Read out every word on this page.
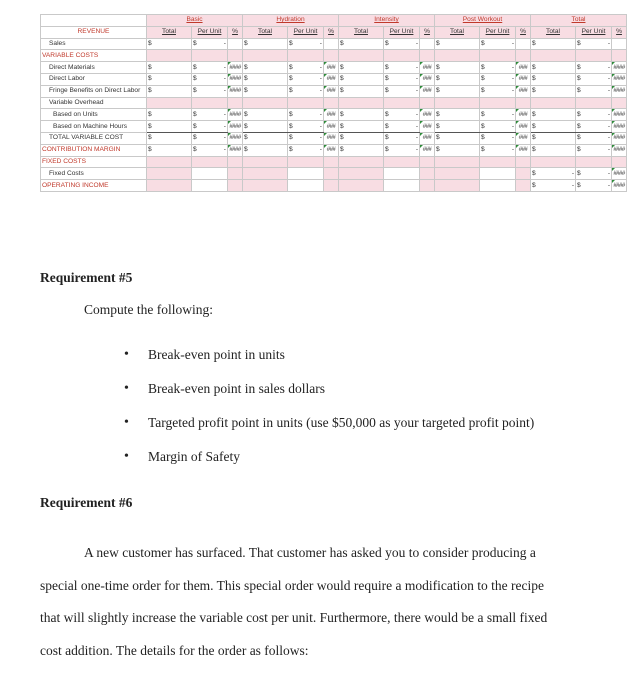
	Basic			Hydration			Intensity			Post Workout			Total		
REVENUE	Total	Per Unit	%	Total	Per Unit	%	Total	Per Unit	%	Total	Per Unit	%	Total	Per Unit	%
Sales	$	$ -		$	$ -		$	$ -		$	$ -		$	$ -	
VARIABLE COSTS															
Direct Materials	$	$ -	####	$	$ -	###	$	$ -	###	$	$ -	###	$	$ -	####
Direct Labor	$	$ -	####	$	$ -	###	$	$ -	###	$	$ -	###	$	$ -	####
Fringe Benefits on Direct Labor	$	$ -	####	$	$ -	###	$	$ -	###	$	$ -	###	$	$ -	####
Variable Overhead															
Based on Units	$	$ -	####	$	$ -	###	$	$ -	###	$	$ -	###	$	$ -	####
Based on Machine Hours	$	$ -	####	$	$ -	###	$	$ -	###	$	$ -	###	$	$ -	####
TOTAL VARIABLE COST	$	$ -	####	$	$ -	###	$	$ -	###	$	$ -	###	$	$ -	####
CONTRIBUTION MARGIN	$	$ -	####	$	$ -	###	$	$ -	###	$	$ -	###	$	$ -	####
FIXED COSTS															
Fixed Costs													$ -	$ -	####
OPERATING INCOME													$ -	$ -	####
Requirement #5
Compute the following:
• Break-even point in units
• Break-even point in sales dollars
• Targeted profit point in units (use $50,000 as your targeted profit point)
• Margin of Safety
Requirement #6

A new customer has surfaced. That customer has asked you to consider producing a

special one-time order for them. This special order would require a modification to the recipe

that will slightly increase the variable cost per unit. Furthermore, there would be a small fixed

cost addition. The details for the order as follows:
